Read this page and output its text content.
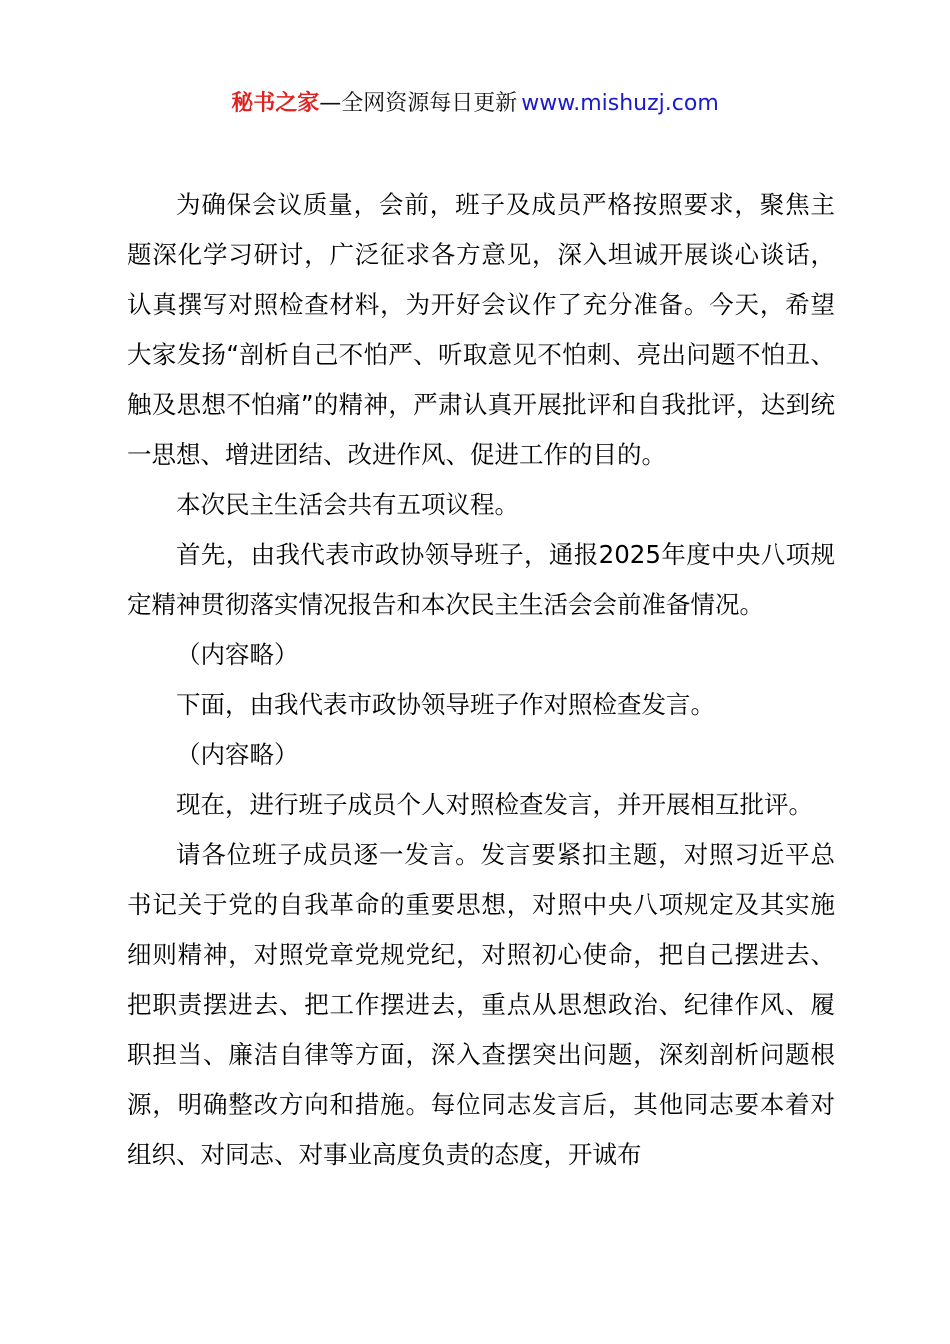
秘书之家—全网资源每日更新 www.mishuzj.com

为确保会议质量，会前，班子及成员严格按照要求，聚焦主题深化学习研讨，广泛征求各方意见，深入坦诚开展谈心谈话，认真撰写对照检查材料，为开好会议作了充分准备。今天，希望大家发扬“剖析自己不怕严、听取意见不怕刺、亮出问题不怕丑、触及思想不怕痛”的精神，严肃认真开展批评和自我批评，达到统一思想、增进团结、改进作风、促进工作的目的。

本次民主生活会共有五项议程。

首先，由我代表市政协领导班子，通报2025年度中央八项规定精神贯彻落实情况报告和本次民主生活会会前准备情况。

（内容略）

下面，由我代表市政协领导班子作对照检查发言。

（内容略）

现在，进行班子成员个人对照检查发言，并开展相互批评。

请各位班子成员逐一发言。发言要紧扣主题，对照习近平总书记关于党的自我革命的重要思想，对照中央八项规定及其实施细则精神，对照党章党规党纪，对照初心使命，把自己摆进去、把职责摆进去、把工作摆进去，重点从思想政治、纪律作风、履职担当、廉洁自律等方面，深入查摆突出问题，深刻剖析问题根源，明确整改方向和措施。每位同志发言后，其他同志要本着对组织、对同志、对事业高度负责的态度，开诚布
